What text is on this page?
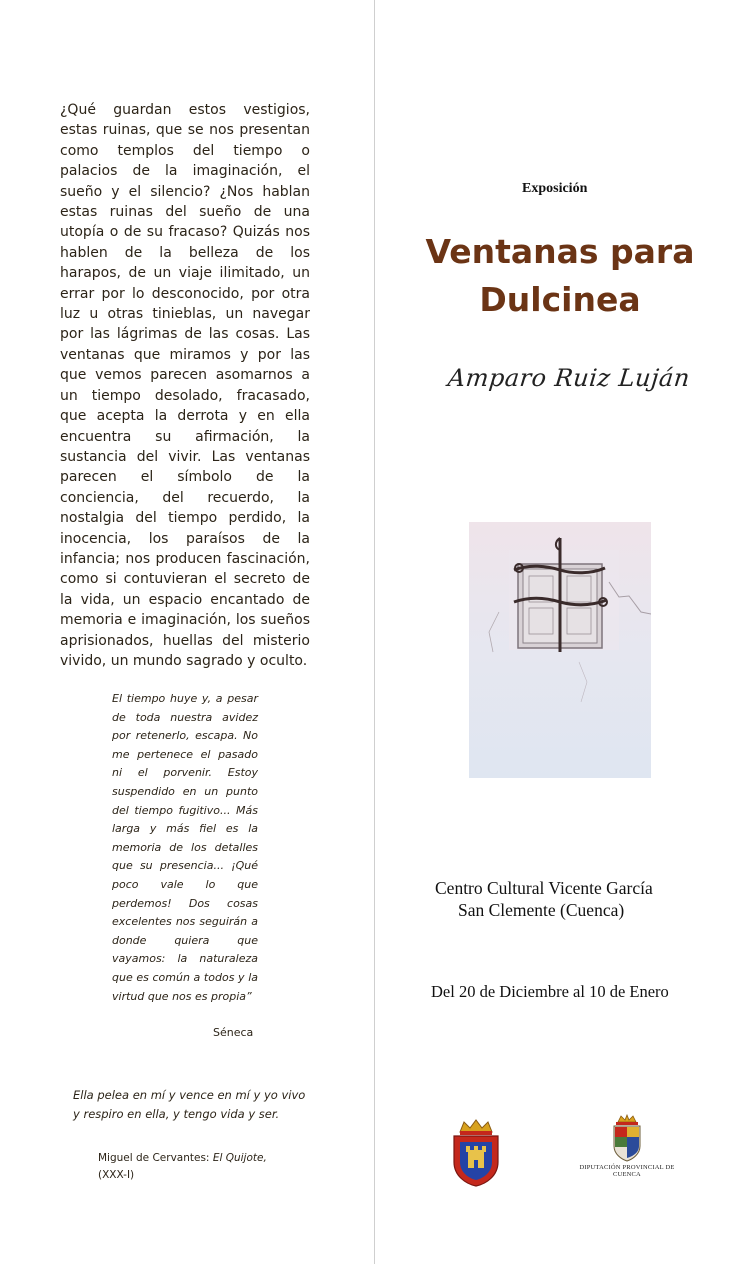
¿Qué guardan estos vestigios, estas ruinas, que se nos presentan como templos del tiempo o palacios de la imaginación, el sueño y el silencio? ¿Nos hablan estas ruinas del sueño de una utopía o de su fracaso? Quizás nos hablen de la belleza de los harapos, de un viaje ilimitado, un errar por lo desconocido, por otra luz u otras tinieblas, un navegar por las lágrimas de las cosas. Las ventanas que miramos y por las que vemos parecen asomarnos a un tiempo desolado, fracasado, que acepta la derrota y en ella encuentra su afirmación, la sustancia del vivir. Las ventanas parecen el símbolo de la conciencia, del recuerdo, la nostalgia del tiempo perdido, la inocencia, los paraísos de la infancia; nos producen fascinación, como si contuvieran el secreto de la vida, un espacio encantado de memoria e imaginación, los sueños aprisionados, huellas del misterio vivido, un mundo sagrado y oculto.

El tiempo huye y, a pesar de toda nuestra avidez por retenerlo, escapa. No me pertenece el pasado ni el porvenir. Estoy suspendido en un punto del tiempo fugitivo... Más larga y más fiel es la memoria de los detalles que su presencia... ¡Qué poco vale lo que perdemos! Dos cosas excelentes nos seguirán a donde quiera que vayamos: la naturaleza que es común a todos y la virtud que nos es propia”

Séneca

Ella pelea en mí y vence en mí y yo vivo y respiro en ella, y tengo vida y ser.

Miguel de Cervantes: El Quijote,
(XXX-I)
Exposición
Ventanas para
Dulcinea
Amparo Ruiz Luján
Centro Cultural Vicente García
San Clemente (Cuenca)
Del 20 de Diciembre al 10 de Enero
DIPUTACIÓN PROVINCIAL DE CUENCA
